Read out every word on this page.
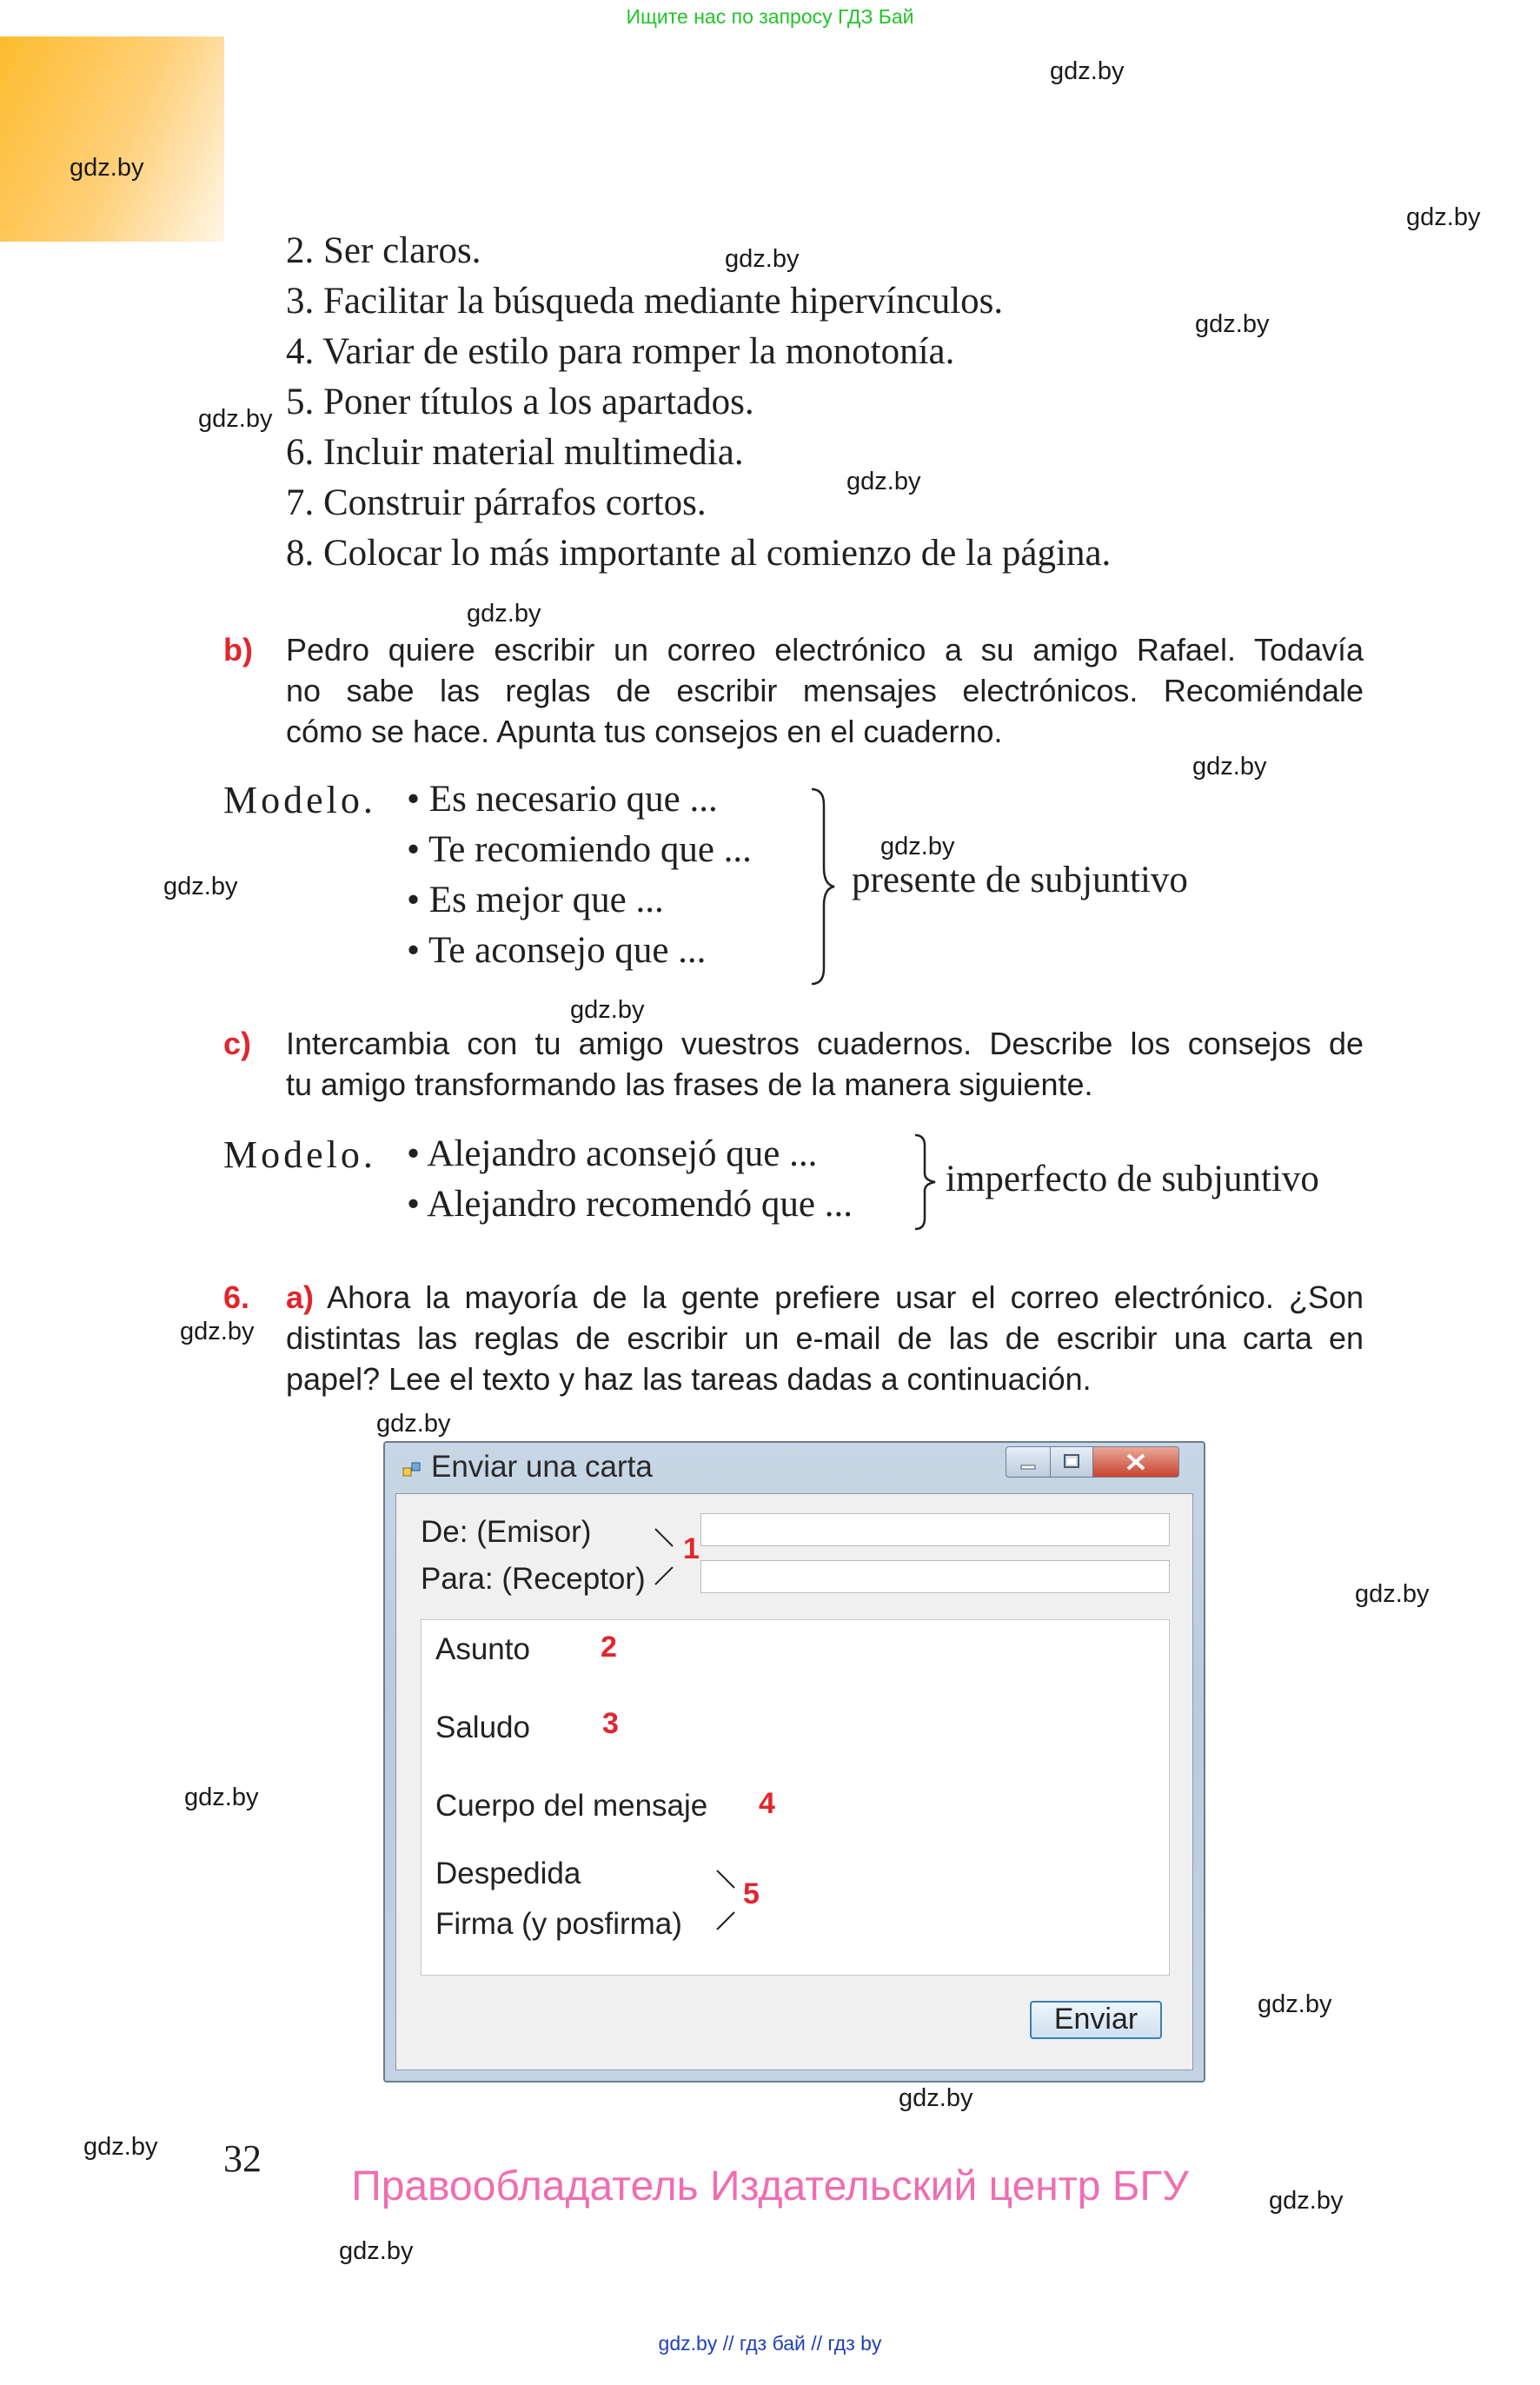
Ищите нас по запросу ГДЗ Бай
gdz.by
gdz.by
gdz.by
gdz.by
gdz.by
gdz.by
gdz.by
gdz.by
gdz.by
gdz.by
gdz.by
gdz.by
gdz.by
gdz.by
gdz.by
gdz.by
gdz.by
gdz.by
gdz.by
gdz.by
gdz.by
2. Ser claros.
3. Facilitar la búsqueda mediante hipervínculos.
4. Variar de estilo para romper la monotonía.
5. Poner títulos a los apartados.
6. Incluir material multimedia.
7. Construir párrafos cortos.
8. Colocar lo más importante al comienzo de la página.
b) Pedro quiere escribir un correo electrónico a su amigo Rafael. Todavía
no sabe las reglas de escribir mensajes electrónicos. Recomiéndale
cómo se hace. Apunta tus consejos en el cuaderno.
Modelo. • Es necesario que ...
• Te recomiendo que ...
• Es mejor que ...
• Te aconsejo que ...
presente de subjuntivo
c) Intercambia con tu amigo vuestros cuadernos. Describe los consejos de
tu amigo transformando las frases de la manera siguiente.
Modelo. • Alejandro aconsejó que ...
• Alejandro recomendó que ...
imperfecto de subjuntivo
6. a) Ahora la mayoría de la gente prefiere usar el correo electrónico. ¿Son
distintas las reglas de escribir un e-mail de las de escribir una carta en
papel? Lee el texto y haz las tareas dadas a continuación.
Enviar una carta
De: (Emisor)
Para: (Receptor)
1
Asunto 2
Saludo 3
Cuerpo del mensaje 4
Despedida
Firma (y posfirma)
5
Enviar
32
Правообладатель Издательский центр БГУ
gdz.by // гдз бай // гдз by
